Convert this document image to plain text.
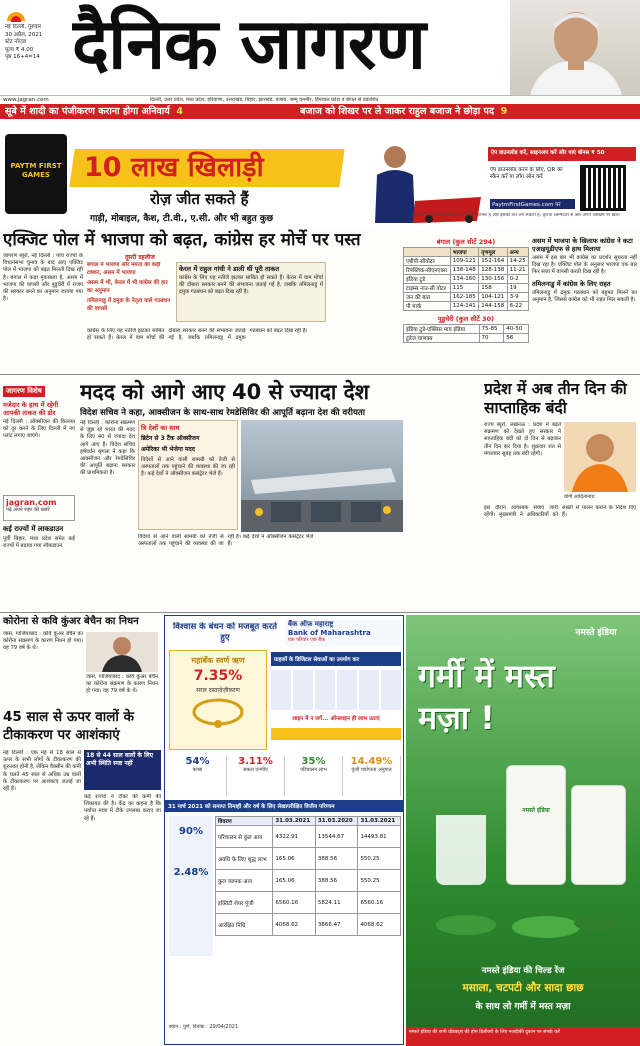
नई दिल्ली, गुरुवार
30 अप्रैल, 2021
स्टेट नोएडा
मूल्य ₹ 4.00
पृष्ठ 16+4=14 दैनिक जागरण
www.jagran.com	दिल्ली, उत्तर प्रदेश, मध्य प्रदेश, हरियाणा, उत्तराखंड, बिहार, झारखंड, पंजाब, जम्मू कश्मीर, हिमाचल प्रदेश व बंगाल से प्रकाशित
सूबे में शादी का पंजीकरण कराना होगा अनिवार्य 4	बजाज को शिखर पर ले जाकर राहुल बजाज ने छोड़ा पद 9
PAYTM FIRST GAMES	10 लाख खिलाड़ी
रोज़ जीत सकते हैं
गाड़ी, मोबाइल, कैश, टी.वी., ए.सी. और भी बहुत कुछ
ऐप डाउनलोड करें, साइनअप करें और पाएं बोनस ₹ 50
ऐप डाउनलोड करने के लिए, QR को स्कैन करें या लॉग ऑन करें
PaytmFirstGames.com पर
इस गेम में वित्तीय जोखिम की संभावना शामिल है और इसकी लत लग सकती है, कृपया जिम्मेदारी से और अपने जोखिम पर खेलें।
एक्जिट पोल में भाजपा को बढ़त, कांग्रेस हर मोर्चे पर पस्त
दूसरी दहलीज
जागरण ब्यूरो, नई दिल्ली : पांच राज्यों के विधानसभा चुनाव के बाद आए एक्जिट पोल में भाजपा को बढ़त मिलती दिख रही है। बंगाल में कड़ा मुकाबला है, असम में भाजपा की वापसी और पुडुचेरी में राजग की सरकार बनने का अनुमान जताया गया है।
बंगाल में भाजपा और ममता की कड़ी टक्कर, असम में भाजपा
असम में भी, केरल में भी कांग्रेस की हार का अनुमान
तमिलनाडु में द्रमुक के नेतृत्व वाले गठबंधन की वापसी
केरल में राहुल गांधी ने डाली थीं पूरी ताकत
कांग्रेस के लिए यह नतीजे झटका साबित हो सकते हैं। केरल में वाम मोर्चा की दोबारा सरकार बनने की संभावना जताई गई है, जबकि तमिलनाडु में द्रमुक गठबंधन को बढ़त दिख रही है।
कांग्रेस के लिए यह नतीजे झटका साबित हो सकते हैं। केरल में वाम मोर्चा की दोबारा सरकार बनने की संभावना जताई गई है, जबकि तमिलनाडु में द्रमुक गठबंधन को बढ़त दिख रही है।
बंगाल (कुल सीटें 294)
	भाजपा	तृणमूल	अन्य
एबीपी-सीवोटर	109-121	152-164	14-25
रिपब्लिक-सीएनएक्स	138-148	128-138	11-21
इंडिया टुडे	134-160	130-156	0-2
टाइम्स नाउ-सी वोटर	115	158	19
जन की बात	162-185	104-121	3-9
पी मार्क	124-141	144-158	6-22
पुडुचेरी (कुल सीटें 30)
इंडिया टुडे-एक्सिस माय इंडिया	75-85	40-50
टुडेज चाणक्य	70	56
असम में भाजपा के खिलाफ कांग्रेस ने कटा एआइयूडीएफ से हाथ मिलाया
असम में इस बार भी कांग्रेस का प्रदर्शन सुधरता नहीं दिख रहा है। एक्जिट पोल के अनुसार भाजपा एक बार फिर सत्ता में वापसी करती दिख रही है।
तमिलनाडु में कांग्रेस के लिए राहत
तमिलनाडु में द्रमुक गठबंधन को बहुमत मिलने का अनुमान है, जिससे कांग्रेस को भी राहत मिल सकती है।
जागरण विशेष
मजेदार के हाथ में रहेगी आपकी ताकत की डोर
नई दिल्ली : ऑक्सीजन की किल्लत को दूर करने के लिए दिल्ली में नए प्लांट लगाए जाएंगे।
jagran.com
पढ़ें अपने शहर की खबरें
कई राज्यों में लाकडाउन
पूर्वी बिहार, मध्य प्रदेश समेत कई राज्यों में बढ़ाया गया लॉकडाउन
मदद को आगे आए 40 से ज्यादा देश
विदेश सचिव ने कहा, आक्सीजन के साथ-साथ रेमडेसिविर की आपूर्ति बढ़ाना देश की वरीयता
नई दिल्ली : कोरोना संक्रमण से जूझ रहे भारत की मदद के लिए 40 से ज्यादा देश आगे आए हैं। विदेश सचिव हर्षवर्धन श्रृंगला ने कहा कि आक्सीजन और रेमडेसिविर की आपूर्ति बढ़ाना सरकार की प्राथमिकता है।
त्रि देशों का साथ
ब्रिटेन से 3 टैंक ऑक्सीजन
अमेरिका भी भेजेगा मदद
विदेशों से आने वाली सामग्री को तेजी से अस्पतालों तक पहुंचाने की व्यवस्था की जा रही है। कई देशों ने ऑक्सीजन कंसंट्रेटर भेजे हैं।
विदेशों से आने वाली सामग्री को तेजी से अस्पतालों तक पहुंचाने की व्यवस्था की जा रही है। कई देशों ने ऑक्सीजन कंसंट्रेटर भेजे हैं।
प्रदेश में अब तीन दिन की साप्ताहिक बंदी
राज्य ब्यूरो, लखनऊ : प्रदेश में बढ़ते संक्रमण को देखते हुए सरकार ने साप्ताहिक बंदी को दो दिन से बढ़ाकर तीन दिन कर दिया है। शुक्रवार रात से मंगलवार सुबह तक बंदी रहेगी।
योगी आदित्यनाथ
इस दौरान आवश्यक सेवाएं जारी रहेंगी। मुख्यमंत्री ने अधिकारियों को सख्ती से पालन कराने के निर्देश दिए हैं।
कोरोना से कवि कुंअर बेचैन का निधन
जासं, गाजियाबाद : कवि कुंअर बेचैन का कोरोना संक्रमण के कारण निधन हो गया। वह 79 वर्ष के थे।
जासं, गाजियाबाद : कवि कुंअर बेचैन का कोरोना संक्रमण के कारण निधन हो गया। वह 79 वर्ष के थे।
45 साल से ऊपर वालों के टीकाकरण पर आशंकाएं
18 से 44 साल वालों के लिए अभी स्थिति स्पष्ट नहीं
नई दिल्ली : एक मई से 18 साल से ऊपर के सभी लोगों के टीकाकरण की शुरुआत होनी है, लेकिन वैक्सीन की कमी के चलते 45 साल से अधिक उम्र वालों के टीकाकरण पर आशंकाएं जताई जा रही हैं।
कई राज्यों ने टीकों की कमी की शिकायत की है। केंद्र का कहना है कि पर्याप्त मात्रा में टीके उपलब्ध कराए जा रहे हैं।
विश्वास के बंधन को मजबूत करते हुए
बैंक ऑफ़ महाराष्ट्र
Bank of Maharashtra
एक परिवार एक बैंक
महाबँक स्वर्ण ऋण
7.35%
सरल दस्तावेज़ीकरण
ग्राहकों के डिजिटल सेवाओं का उपयोग कर
लाइन में न लगें... ऑनलाइन ही लाभ उठाएं
54%
कासा
3.11%
सकल एनपीए
35%
परिचालन लाभ
14.49%
पूंजी पर्याप्तता अनुपात
31 मार्च 2021 को समाप्त तिमाही और वर्ष के लिए लेखापरीक्षित वित्तीय परिणाम
90%
2.48%
विवरण	31.03.2021	31.03.2020	31.03.2021
परिचालन से कुल आय	4322.91	13544.67	14493.81
अवधि के लिए शुद्ध लाभ	165.06	388.56	550.25
कुल व्यापक आय	165.06	388.56	550.25
इक्विटी शेयर पूंजी	6560.16	5824.11	6560.16
आरक्षित निधि	4068.62	3866.47	4068.62
स्थान : पुणे, दिनांक : 29/04/2021
नमस्ते इंडिया
गर्मी में मस्त मज़ा !
नमस्ते इंडिया
नमस्ते इंडिया की चिल्ड रेंज
मसाला, चटपटी और सादा छाछ
के साथ लो गर्मी में मस्त मज़ा
नमस्ते इंडिया की सभी प्रोडक्ट्स की होम डिलीवरी के लिए नजदीकी दुकान पर संपर्क करें
